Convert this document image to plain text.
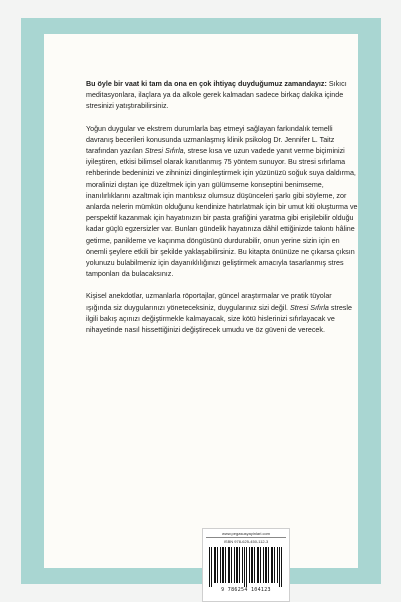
Bu öyle bir vaat ki tam da ona en çok ihtiyaç duyduğumuz zamandayız: Sıkıcı meditasyonlara, ilaçlara ya da alkole gerek kalmadan sadece birkaç dakika içinde stresinizi yatıştırabilirsiniz.

Yoğun duygular ve ekstrem durumlarla baş etmeyi sağlayan farkındalık temelli davranış becerileri konusunda uzmanlaşmış klinik psikolog Dr. Jennifer L. Taitz tarafından yazılan Stresi Sıfırla, strese kısa ve uzun vadede yanıt verme biçiminizi iyileştiren, etkisi bilimsel olarak kanıtlanmış 75 yöntem sunuyor. Bu stresi sıfırlama rehberinde bedeninizi ve zihninizi dinginleştirmek için yüzünüzü soğuk suya daldırma, moralinizi dıştan içe düzeltmek için yarı gülümseme konseptini benimseme, inanılırlıklarını azaltmak için mantıksız olumsuz düşünceleri şarkı gibi söyleme, zor anlarda nelerin mümkün olduğunu kendinize hatırlatmak için bir umut kiti oluşturma ve perspektif kazanmak için hayatınızın bir pasta grafiğini yaratma gibi erişilebilir olduğu kadar güçlü egzersizler var. Bunları gündelik hayatınıza dâhil ettiğinizde takıntı hâline getirme, panikleme ve kaçınma döngüsünü durdurabilir, onun yerine sizin için en önemli şeylere etkili bir şekilde yaklaşabilirsiniz. Bu kitapta önünüze ne çıkarsa çıksın yolunuzu bulabilmeniz için dayanıklılığınızı geliştirmek amacıyla tasarlanmış stres tamponları da bulacaksınız.

Kişisel anekdotlar, uzmanlarla röportajlar, güncel araştırmalar ve pratik tüyolar ışığında siz duygularınızı yöneteceksiniz, duygularınız sizi değil. Stresi Sıfırla stresle ilgili bakış açınızı değiştirmekle kalmayacak, size kötü hislerinizi sıfırlayacak ve nihayetinde nasıl hissettiğinizi değiştirecek umudu ve öz güveni de verecek.

www.pegasusyayinlari.com
ISBN 978-625-450-112-3
9 786254 104123
